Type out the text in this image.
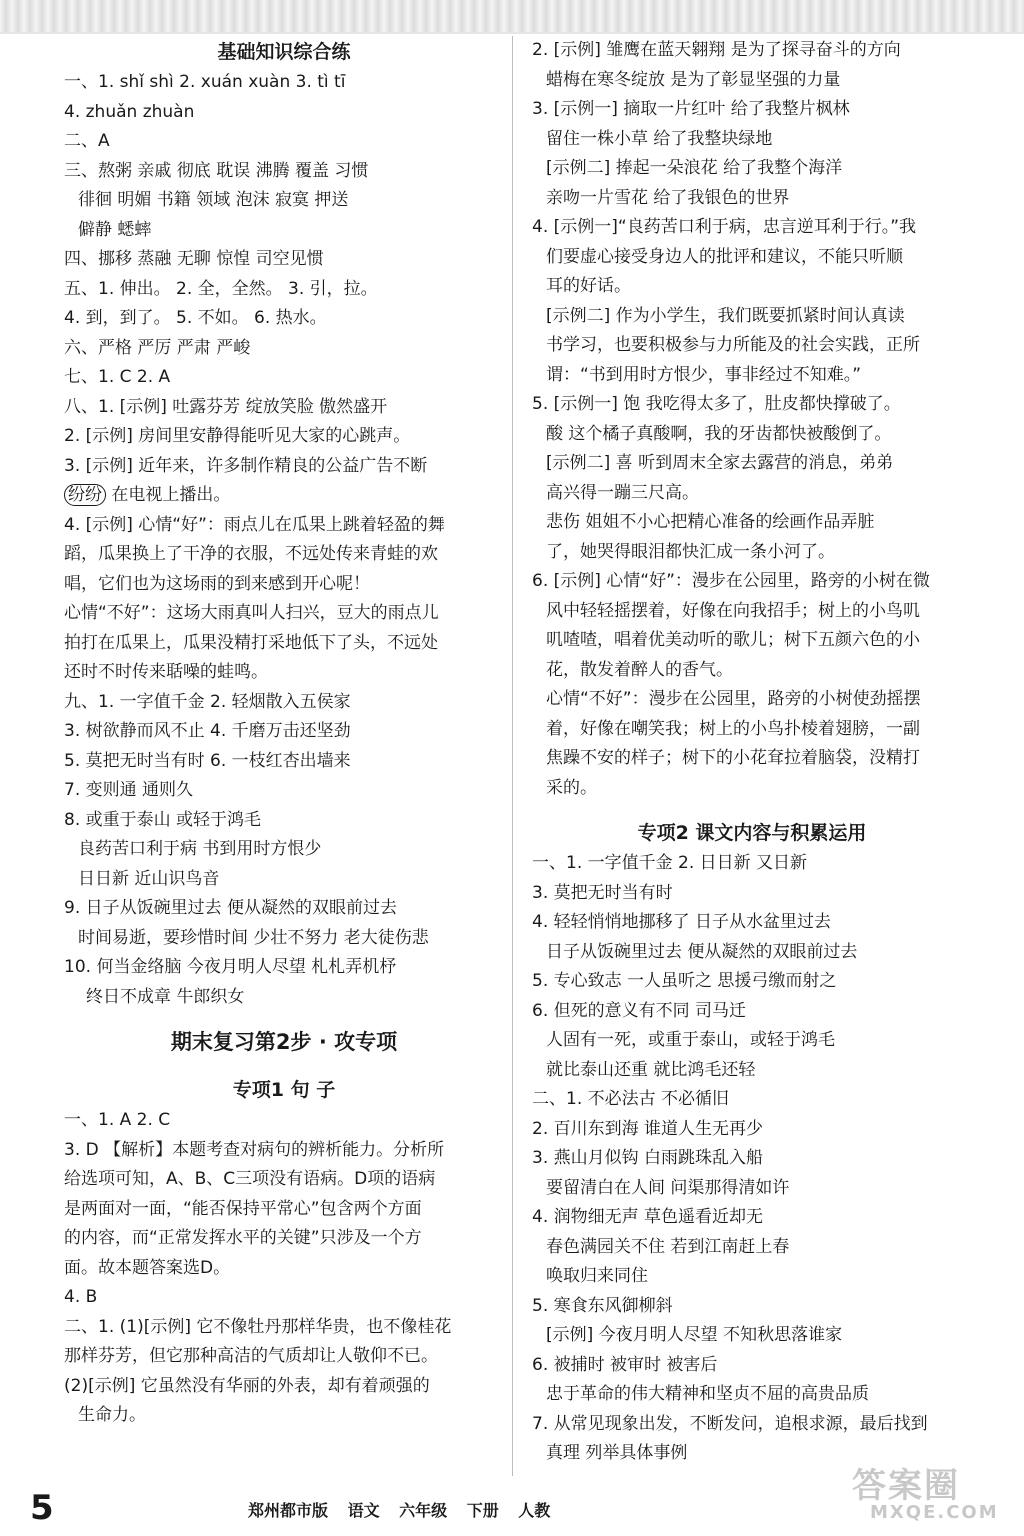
基础知识综合练
一、1. shǐ shì 2. xuán xuàn 3. tì tī
4. zhuǎn zhuàn
二、A
三、熬粥 亲戚 彻底 耽误 沸腾 覆盖 习惯
徘徊 明媚 书籍 领域 泡沫 寂寞 押送
僻静 蟋蟀
四、挪移 蒸融 无聊 惊惶 司空见惯
五、1. 伸出。 2. 全，全然。 3. 引，拉。
4. 到，到了。 5. 不如。 6. 热水。
六、严格 严厉 严肃 严峻
七、1. C 2. A
八、1. [示例] 吐露芬芳 绽放笑脸 傲然盛开
2. [示例] 房间里安静得能听见大家的心跳声。
3. [示例] 近年来，许多制作精良的公益广告不断
纷纷 在电视上播出。
4. [示例] 心情“好”：雨点儿在瓜果上跳着轻盈的舞
蹈，瓜果换上了干净的衣服，不远处传来青蛙的欢
唱，它们也为这场雨的到来感到开心呢！
心情“不好”：这场大雨真叫人扫兴，豆大的雨点儿
拍打在瓜果上，瓜果没精打采地低下了头，不远处
还时不时传来聒噪的蛙鸣。
九、1. 一字值千金 2. 轻烟散入五侯家
3. 树欲静而风不止 4. 千磨万击还坚劲
5. 莫把无时当有时 6. 一枝红杏出墙来
7. 变则通 通则久
8. 或重于泰山 或轻于鸿毛
良药苦口利于病 书到用时方恨少
日日新 近山识鸟音
9. 日子从饭碗里过去 便从凝然的双眼前过去
时间易逝，要珍惜时间 少壮不努力 老大徒伤悲
10. 何当金络脑 今夜月明人尽望 札札弄机杼
终日不成章 牛郎织女
期末复习第2步 · 攻专项
专项1 句 子
一、1. A 2. C
3. D 【解析】本题考查对病句的辨析能力。分析所
给选项可知，A、B、C三项没有语病。D项的语病
是两面对一面，“能否保持平常心”包含两个方面
的内容，而“正常发挥水平的关键”只涉及一个方
面。故本题答案选D。
4. B
二、1. (1)[示例] 它不像牡丹那样华贵，也不像桂花
那样芬芳，但它那种高洁的气质却让人敬仰不已。
(2)[示例] 它虽然没有华丽的外表，却有着顽强的
生命力。
2. [示例] 雏鹰在蓝天翱翔 是为了探寻奋斗的方向
蜡梅在寒冬绽放 是为了彰显坚强的力量
3. [示例一] 摘取一片红叶 给了我整片枫林
留住一株小草 给了我整块绿地
[示例二] 捧起一朵浪花 给了我整个海洋
亲吻一片雪花 给了我银色的世界
4. [示例一]“良药苦口利于病，忠言逆耳利于行。”我
们要虚心接受身边人的批评和建议，不能只听顺
耳的好话。
[示例二] 作为小学生，我们既要抓紧时间认真读
书学习，也要积极参与力所能及的社会实践，正所
谓：“书到用时方恨少，事非经过不知难。”
5. [示例一] 饱 我吃得太多了，肚皮都快撑破了。
酸 这个橘子真酸啊，我的牙齿都快被酸倒了。
[示例二] 喜 听到周末全家去露营的消息，弟弟
高兴得一蹦三尺高。
悲伤 姐姐不小心把精心准备的绘画作品弄脏
了，她哭得眼泪都快汇成一条小河了。
6. [示例] 心情“好”：漫步在公园里，路旁的小树在微
风中轻轻摇摆着，好像在向我招手；树上的小鸟叽
叽喳喳，唱着优美动听的歌儿；树下五颜六色的小
花，散发着醉人的香气。
心情“不好”：漫步在公园里，路旁的小树使劲摇摆
着，好像在嘲笑我；树上的小鸟扑棱着翅膀，一副
焦躁不安的样子；树下的小花耷拉着脑袋，没精打
采的。
专项2 课文内容与积累运用
一、1. 一字值千金 2. 日日新 又日新
3. 莫把无时当有时
4. 轻轻悄悄地挪移了 日子从水盆里过去
日子从饭碗里过去 便从凝然的双眼前过去
5. 专心致志 一人虽听之 思援弓缴而射之
6. 但死的意义有不同 司马迁
人固有一死，或重于泰山，或轻于鸿毛
就比泰山还重 就比鸿毛还轻
二、1. 不必法古 不必循旧
2. 百川东到海 谁道人生无再少
3. 燕山月似钩 白雨跳珠乱入船
要留清白在人间 问渠那得清如许
4. 润物细无声 草色遥看近却无
春色满园关不住 若到江南赶上春
唤取归来同住
5. 寒食东风御柳斜
[示例] 今夜月明人尽望 不知秋思落谁家
6. 被捕时 被审时 被害后
忠于革命的伟大精神和坚贞不屈的高贵品质
7. 从常见现象出发，不断发问，追根求源，最后找到
真理 列举具体事例
5	郑州都市版 语文 六年级 下册 人教
答案圈
MXQE.COM
